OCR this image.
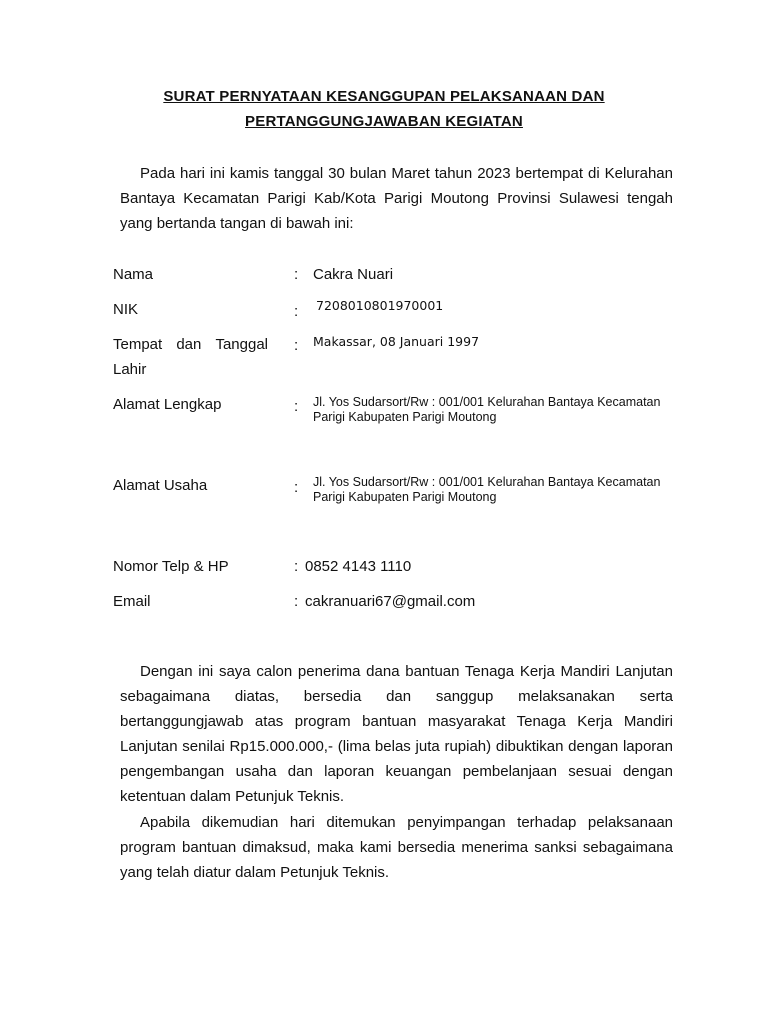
SURAT PERNYATAAN KESANGGUPAN PELAKSANAAN DAN
PERTANGGUNGJAWABAN KEGIATAN
Pada hari ini kamis tanggal 30 bulan Maret tahun 2023 bertempat di Kelurahan Bantaya Kecamatan Parigi Kab/Kota Parigi Moutong Provinsi Sulawesi tengah yang bertanda tangan di bawah ini:
Nama	: Cakra Nuari
NIK	: 7208010801970001
Tempat dan Tanggal
Lahir
: Makassar, 08 Januari 1997
Alamat Lengkap	: Jl. Yos Sudarsort/Rw : 001/001 Kelurahan Bantaya Kecamatan
Parigi Kabupaten Parigi Moutong
Alamat Usaha	: Jl. Yos Sudarsort/Rw : 001/001 Kelurahan Bantaya Kecamatan
Parigi Kabupaten Parigi Moutong
Nomor Telp & HP	: 0852 4143 1110
Email	: cakranuari67@gmail.com
Dengan ini saya calon penerima dana bantuan Tenaga Kerja Mandiri Lanjutan sebagaimana diatas, bersedia dan sanggup melaksanakan serta bertanggungjawab atas program bantuan masyarakat Tenaga Kerja Mandiri Lanjutan senilai Rp15.000.000,- (lima belas juta rupiah) dibuktikan dengan laporan pengembangan usaha dan laporan keuangan pembelanjaan sesuai dengan ketentuan dalam Petunjuk Teknis.
Apabila dikemudian hari ditemukan penyimpangan terhadap pelaksanaan program bantuan dimaksud, maka kami bersedia menerima sanksi sebagaimana yang telah diatur dalam Petunjuk Teknis.
